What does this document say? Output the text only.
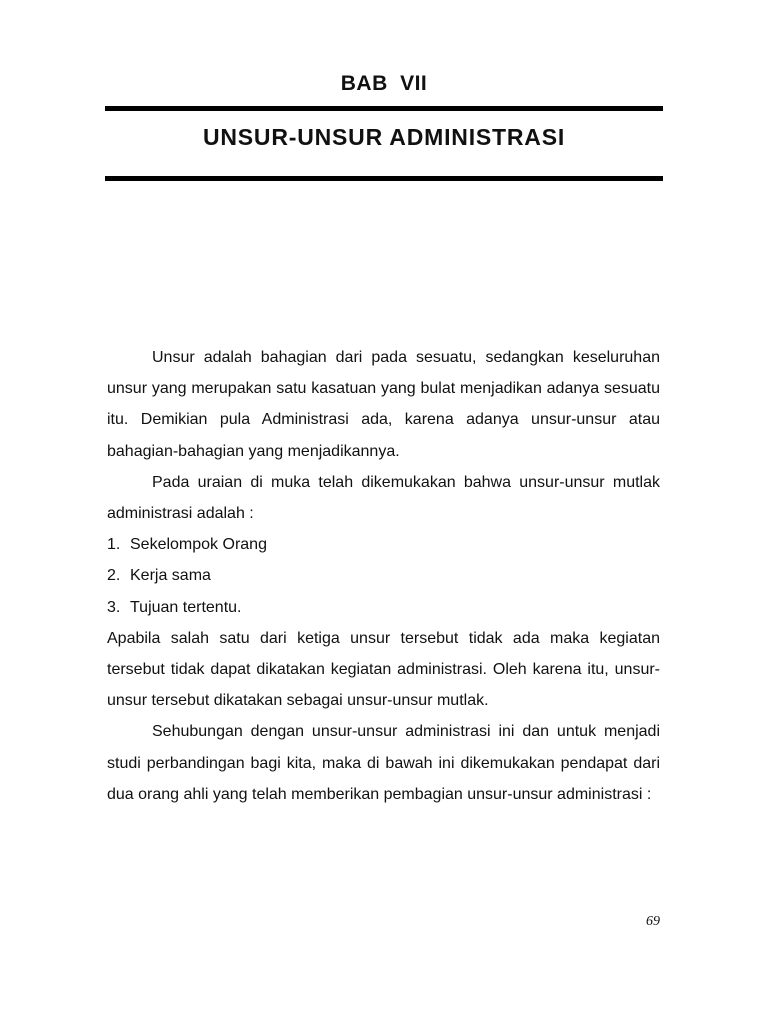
BAB VII
UNSUR-UNSUR ADMINISTRASI

Unsur adalah bahagian dari pada sesuatu, sedangkan keseluruhan unsur yang merupakan satu kasatuan yang bulat menjadikan adanya sesuatu itu. Demikian pula Administrasi ada, karena adanya unsur-unsur atau bahagian-bahagian yang menjadikannya.

Pada uraian di muka telah dikemukakan bahwa unsur-unsur mutlak administrasi adalah :

1. Sekelompok Orang

2. Kerja sama

3. Tujuan tertentu.

Apabila salah satu dari ketiga unsur tersebut tidak ada maka kegiatan tersebut tidak dapat dikatakan kegiatan administrasi. Oleh karena itu, unsur-unsur tersebut dikatakan sebagai unsur-unsur mutlak.

Sehubungan dengan unsur-unsur administrasi ini dan untuk menjadi studi perbandingan bagi kita, maka di bawah ini dikemukakan pendapat dari dua orang ahli yang telah memberikan pembagian unsur-unsur administrasi :

69
